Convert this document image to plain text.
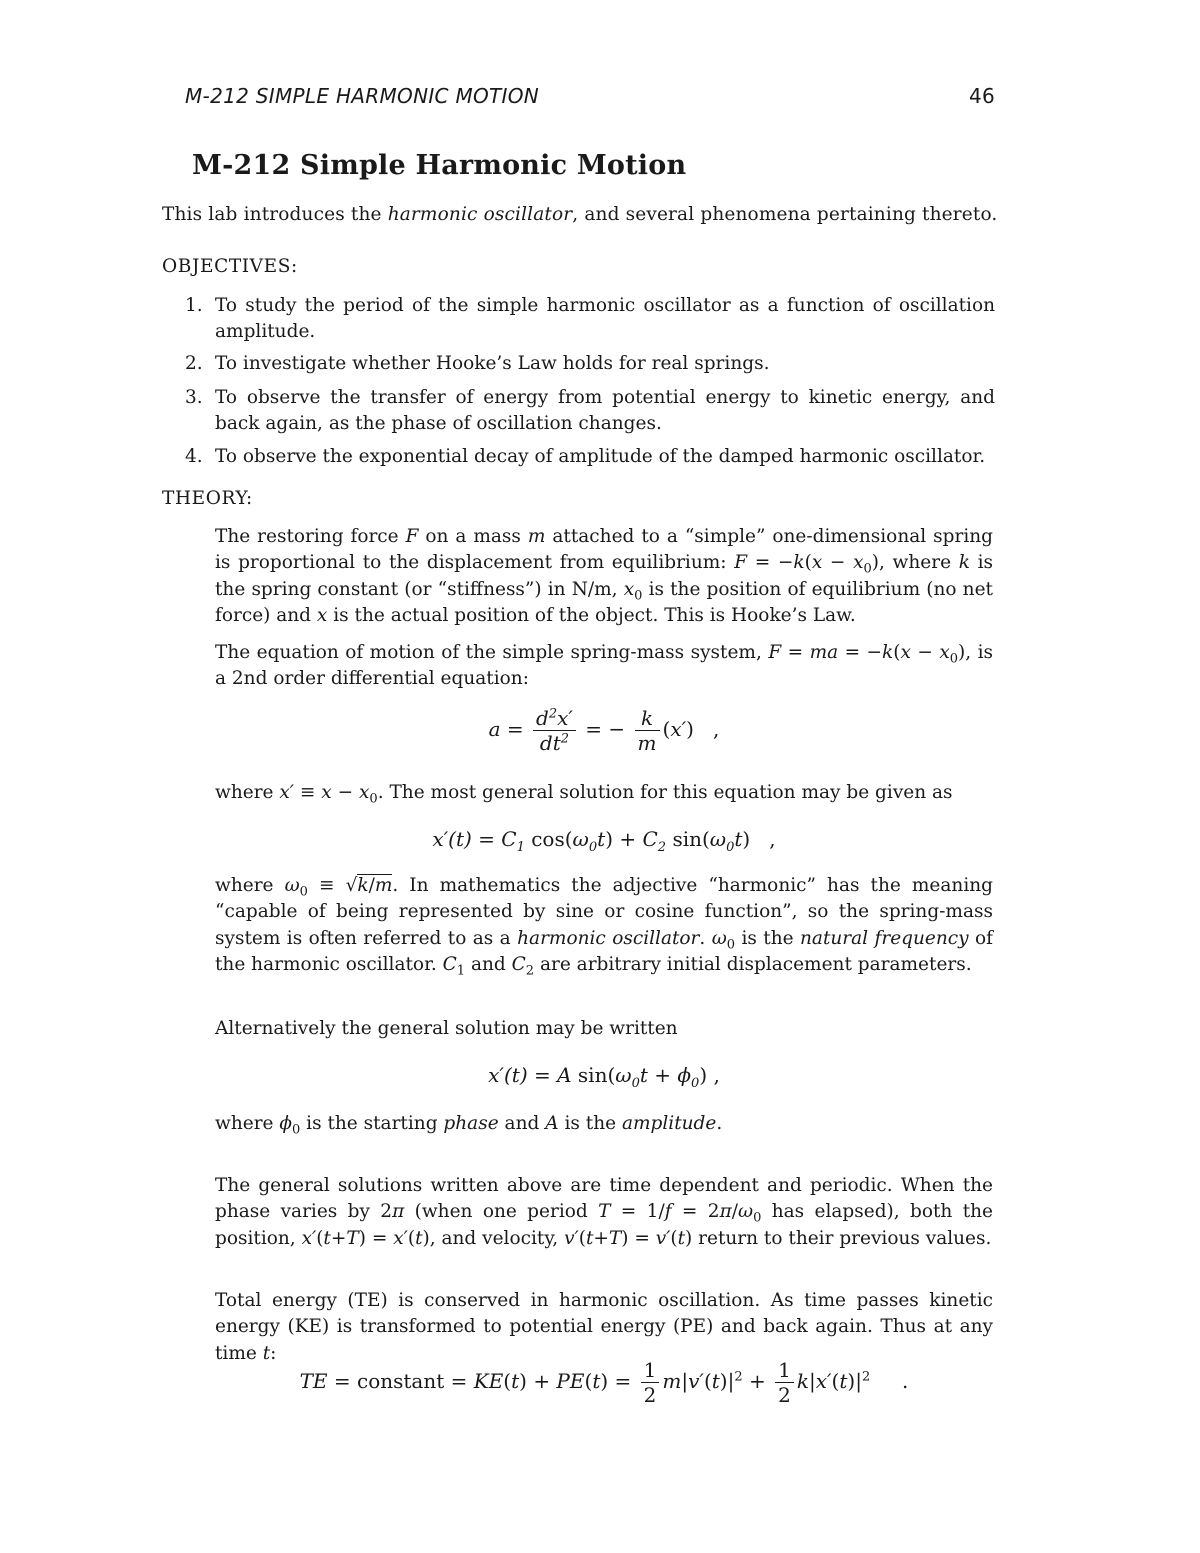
M-212 SIMPLE HARMONIC MOTION	46
M-212 Simple Harmonic Motion
This lab introduces the harmonic oscillator, and several phenomena pertaining thereto.
OBJECTIVES:
1. To study the period of the simple harmonic oscillator as a function of oscillation amplitude.
2. To investigate whether Hooke’s Law holds for real springs.
3. To observe the transfer of energy from potential energy to kinetic energy, and back again, as the phase of oscillation changes.
4. To observe the exponential decay of amplitude of the damped harmonic oscillator.
THEORY:
The restoring force F on a mass m attached to a “simple” one-dimensional spring is proportional to the displacement from equilibrium: $F = -k(x - x_0)$, where k is the spring constant (or “stiffness”) in N/m, $x_0$ is the position of equilibrium (no net force) and x is the actual position of the object. This is Hooke’s Law.
The equation of motion of the simple spring-mass system, F = ma = $-k(x - x_0)$, is a 2nd order differential equation:
$a = \frac{d^2x'}{dt^2}$ = − $\frac{k}{m} (x')$   ,
where $x' \equiv x - x_0$. The most general solution for this equation may be given as
$x'(t) = C_1$ $\cos(\omega_0t) + C_2$ $\sin(\omega_0t)$   ,
where $\omega_0 \equiv √k/m$. In mathematics the adjective “harmonic” has the meaning “capable of being represented by sine or cosine function”, so the spring-mass system is often referred to as a harmonic oscillator. $\omega_0$ is the natural frequency of the harmonic oscillator. $C_1$ and $C_2$ are arbitrary initial displacement parameters.
Alternatively the general solution may be written
x′(t) = A $\sin(\omega_0t + \phi_0)$ ,
where $\phi_0$ is the starting phase and A is the amplitude.
The general solutions written above are time dependent and periodic. When the phase varies by 2π (when one period $T = 1/f = 2\pi/\omega_0$ has elapsed), both the position, x′(t+T) = x′(t), and velocity, v′(t+T) = v′(t) return to their previous values.
Total energy (TE) is conserved in harmonic oscillation. As time passes kinetic energy (KE) is transformed to potential energy (PE) and back again. Thus at any time t:
TE = constant = $KE(t) + PE(t) = \frac{1}{2} m|v'(t)|^2 + \frac{1}{2} k|x'(t)|^2$     .
